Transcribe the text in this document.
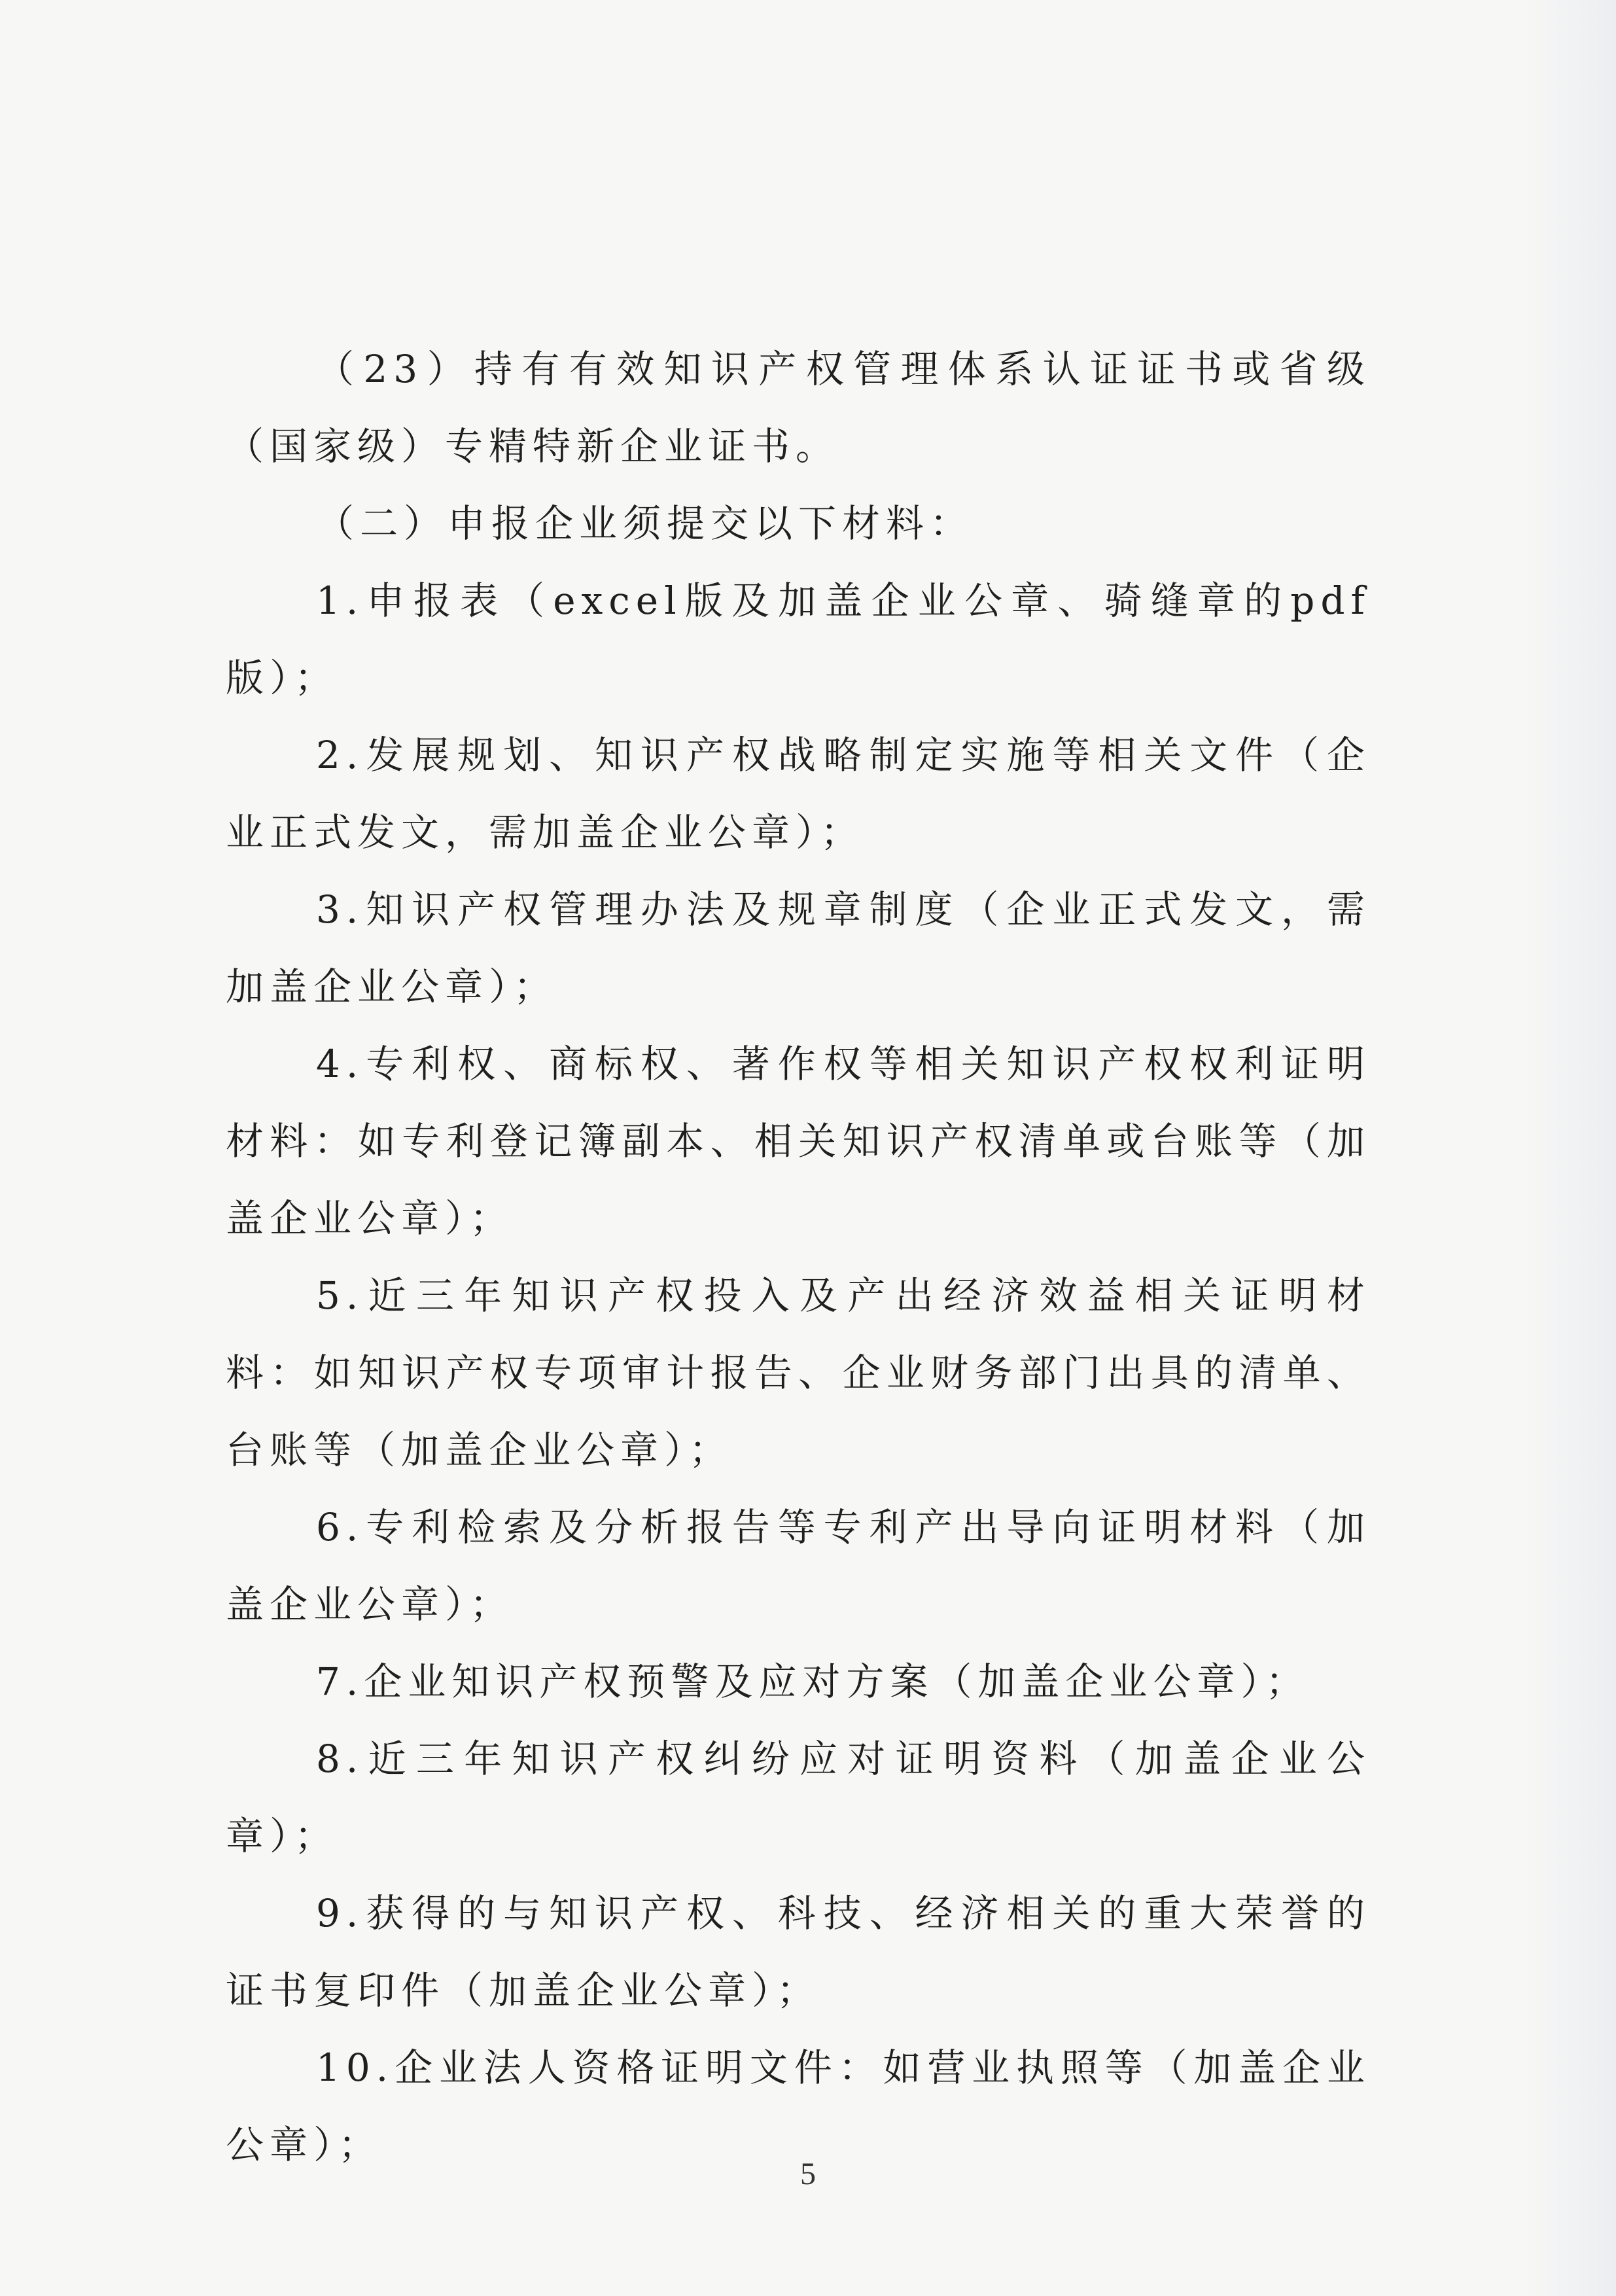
（23）持有有效知识产权管理体系认证证书或省级（国家级）专精特新企业证书。

（二）申报企业须提交以下材料：

1.申报表（excel版及加盖企业公章、骑缝章的pdf版）；

2.发展规划、知识产权战略制定实施等相关文件（企业正式发文，需加盖企业公章）；

3.知识产权管理办法及规章制度（企业正式发文，需加盖企业公章）；

4.专利权、商标权、著作权等相关知识产权权利证明材料：如专利登记簿副本、相关知识产权清单或台账等（加盖企业公章）；

5.近三年知识产权投入及产出经济效益相关证明材料：如知识产权专项审计报告、企业财务部门出具的清单、台账等（加盖企业公章）；

6.专利检索及分析报告等专利产出导向证明材料（加盖企业公章）；

7.企业知识产权预警及应对方案（加盖企业公章）；

8.近三年知识产权纠纷应对证明资料（加盖企业公章）；

9.获得的与知识产权、科技、经济相关的重大荣誉的证书复印件（加盖企业公章）；

10.企业法人资格证明文件：如营业执照等（加盖企业公章）；

5
